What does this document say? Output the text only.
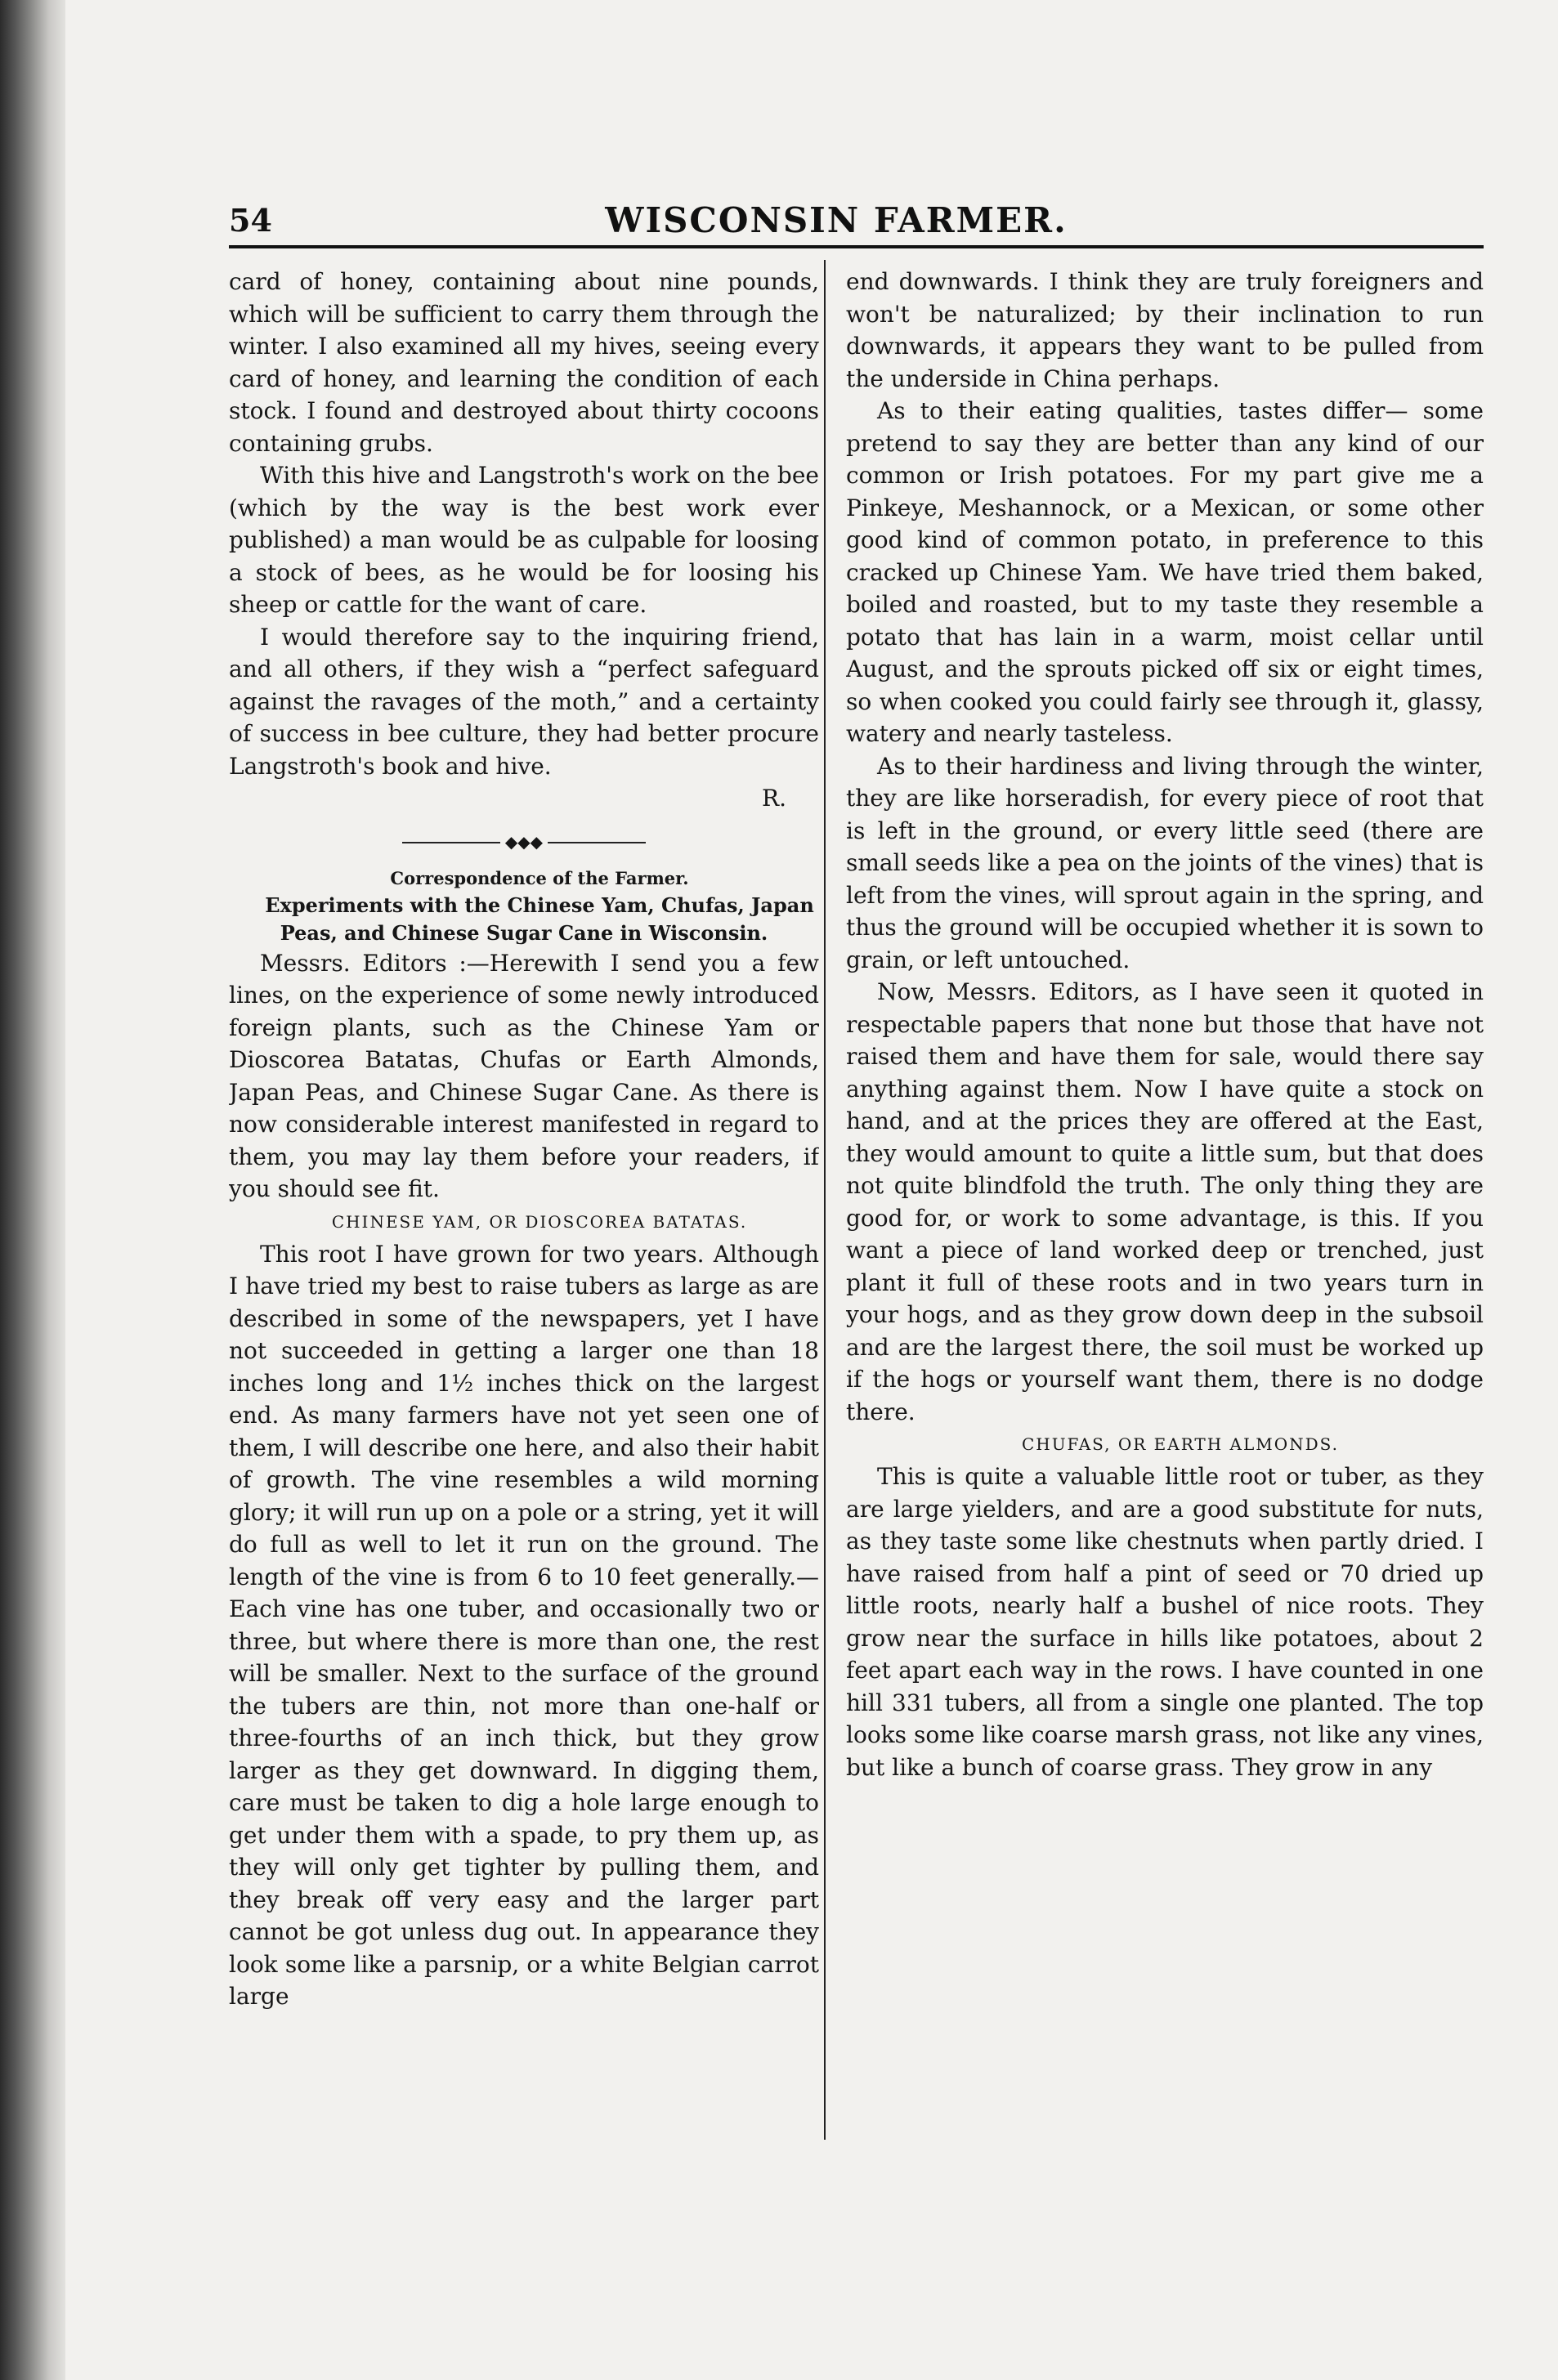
54	WISCONSIN FARMER.

card of honey, containing about nine pounds, which will be sufficient to carry them through the winter. I also examined all my hives, seeing every card of honey, and learning the condition of each stock. I found and destroyed about thirty cocoons containing grubs.

With this hive and Langstroth's work on the bee (which by the way is the best work ever published) a man would be as culpable for loosing a stock of bees, as he would be for loosing his sheep or cattle for the want of care.

I would therefore say to the inquiring friend, and all others, if they wish a “perfect safeguard against the ravages of the moth,” and a certainty of success in bee culture, they had better procure Langstroth's book and hive.

R.

◆◆◆

Correspondence of the Farmer.

Experiments with the Chinese Yam, Chufas, Japan Peas, and Chinese Sugar Cane in Wisconsin.

Messrs. Editors :—Herewith I send you a few lines, on the experience of some newly introduced foreign plants, such as the Chinese Yam or Dioscorea Batatas, Chufas or Earth Almonds, Japan Peas, and Chinese Sugar Cane. As there is now considerable interest manifested in regard to them, you may lay them before your readers, if you should see fit.

CHINESE YAM, OR DIOSCOREA BATATAS.

This root I have grown for two years. Although I have tried my best to raise tubers as large as are described in some of the newspapers, yet I have not succeeded in getting a larger one than 18 inches long and 1½ inches thick on the largest end. As many farmers have not yet seen one of them, I will describe one here, and also their habit of growth. The vine resembles a wild morning glory; it will run up on a pole or a string, yet it will do full as well to let it run on the ground. The length of the vine is from 6 to 10 feet generally.— Each vine has one tuber, and occasionally two or three, but where there is more than one, the rest will be smaller. Next to the surface of the ground the tubers are thin, not more than one-half or three-fourths of an inch thick, but they grow larger as they get downward. In digging them, care must be taken to dig a hole large enough to get under them with a spade, to pry them up, as they will only get tighter by pulling them, and they break off very easy and the larger part cannot be got unless dug out. In appearance they look some like a parsnip, or a white Belgian carrot large

end downwards. I think they are truly foreigners and won't be naturalized; by their inclination to run downwards, it appears they want to be pulled from the underside in China perhaps.

As to their eating qualities, tastes differ— some pretend to say they are better than any kind of our common or Irish potatoes. For my part give me a Pinkeye, Meshannock, or a Mexican, or some other good kind of common potato, in preference to this cracked up Chinese Yam. We have tried them baked, boiled and roasted, but to my taste they resemble a potato that has lain in a warm, moist cellar until August, and the sprouts picked off six or eight times, so when cooked you could fairly see through it, glassy, watery and nearly tasteless.

As to their hardiness and living through the winter, they are like horseradish, for every piece of root that is left in the ground, or every little seed (there are small seeds like a pea on the joints of the vines) that is left from the vines, will sprout again in the spring, and thus the ground will be occupied whether it is sown to grain, or left untouched.

Now, Messrs. Editors, as I have seen it quoted in respectable papers that none but those that have not raised them and have them for sale, would there say anything against them. Now I have quite a stock on hand, and at the prices they are offered at the East, they would amount to quite a little sum, but that does not quite blindfold the truth. The only thing they are good for, or work to some advantage, is this. If you want a piece of land worked deep or trenched, just plant it full of these roots and in two years turn in your hogs, and as they grow down deep in the subsoil and are the largest there, the soil must be worked up if the hogs or yourself want them, there is no dodge there.

CHUFAS, OR EARTH ALMONDS.

This is quite a valuable little root or tuber, as they are large yielders, and are a good substitute for nuts, as they taste some like chestnuts when partly dried. I have raised from half a pint of seed or 70 dried up little roots, nearly half a bushel of nice roots. They grow near the surface in hills like potatoes, about 2 feet apart each way in the rows. I have counted in one hill 331 tubers, all from a single one planted. The top looks some like coarse marsh grass, not like any vines, but like a bunch of coarse grass. They grow in any
